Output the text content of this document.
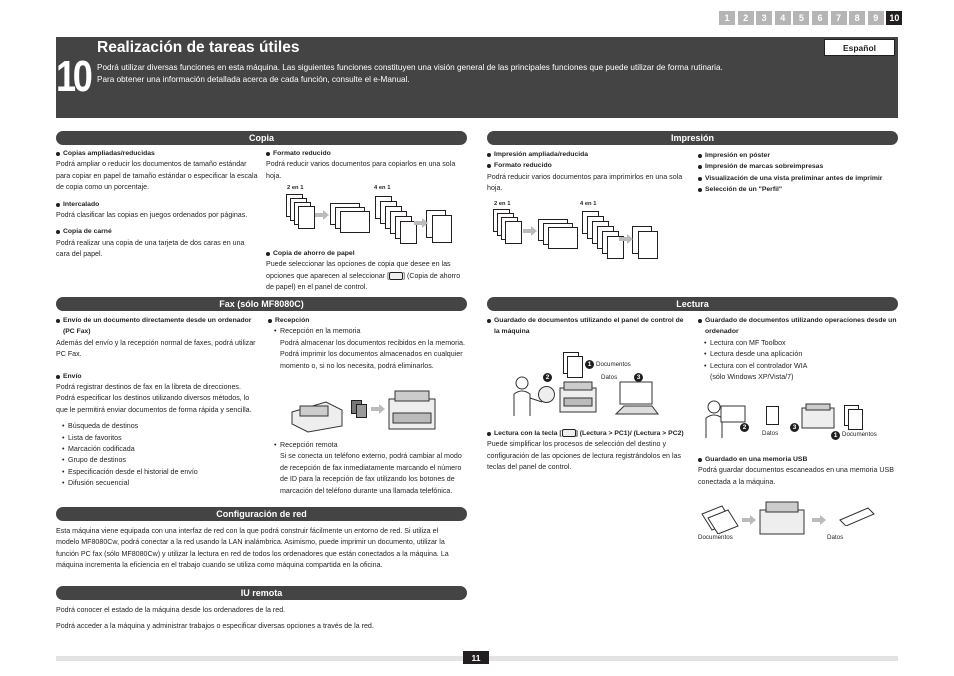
1	2	3	4	5	6	7	8	9	10
10
Realización de tareas útiles
Podrá utilizar diversas funciones en esta máquina. Las siguientes funciones constituyen una visión general de las principales funciones que puede utilizar de forma rutinaria.
Para obtener una información detallada acerca de cada función, consulte el e-Manual.
Español
Copia
Copias ampliadas/reducidas
Podrá ampliar o reducir los documentos de tamaño estándar para copiar en papel de tamaño estándar o especificar la escala de copia como un porcentaje.
Intercalado
Podrá clasificar las copias en juegos ordenados por páginas.
Copia de carné
Podrá realizar una copia de una tarjeta de dos caras en una cara del papel.
Formato reducido
Podrá reducir varios documentos para copiarlos en una sola hoja.
2 en 1	4 en 1
Copia de ahorro de papel
Puede seleccionar las opciones de copia que desee en las opciones que aparecen al seleccionar [ ] (Copia de ahorro de papel) en el panel de control.
Impresión
Impresión ampliada/reducida
Formato reducido
Podrá reducir varios documentos para imprimirlos en una sola hoja.
2 en 1	4 en 1
Impresión en póster
Impresión de marcas sobreimpresas
Visualización de una vista preliminar antes de imprimir
Selección de un "Perfil"
Fax (sólo MF8080C)
Envío de un documento directamente desde un ordenador (PC Fax)
Además del envío y la recepción normal de faxes, podrá utilizar PC Fax.
Envío
Podrá registrar destinos de fax en la libreta de direcciones. Podrá especificar los destinos utilizando diversos métodos, lo que le permitirá enviar documentos de forma rápida y sencilla.
• Búsqueda de destinos
• Lista de favoritos
• Marcación codificada
• Grupo de destinos
• Especificación desde el historial de envío
• Difusión secuencial
Recepción
• Recepción en la memoria
Podrá almacenar los documentos recibidos en la memoria.
Podrá imprimir los documentos almacenados en cualquier momento o, si no los necesita, podrá eliminarlos.
• Recepción remota
Si se conecta un teléfono externo, podrá cambiar al modo de recepción de fax inmediatamente marcando el número de ID para la recepción de fax utilizando los botones de marcación del teléfono durante una llamada telefónica.
Lectura
Guardado de documentos utilizando el panel de control de la máquina
1 Documentos
Datos
2	3
Lectura con la tecla [ ] (Lectura > PC1)/ (Lectura > PC2)
Puede simplificar los procesos de selección del destino y configuración de las opciones de lectura registrándolos en las teclas del panel de control.
Guardado de documentos utilizando operaciones desde un ordenador
• Lectura con MF Toolbox
• Lectura desde una aplicación
• Lectura con el controlador WIA
(sólo Windows XP/Vista/7)
2
Datos
3
1 Documentos
Guardado en una memoria USB
Podrá guardar documentos escaneados en una memoria USB conectada a la máquina.
Documentos	Datos
Configuración de red
Esta máquina viene equipada con una interfaz de red con la que podrá construir fácilmente un entorno de red. Si utiliza el modelo MF8080Cw, podrá conectar a la red usando la LAN inalámbrica. Asimismo, puede imprimir un documento, utilizar la función PC fax (sólo MF8080Cw) y utilizar la lectura en red de todos los ordenadores que están conectados a la máquina. La máquina incrementa la eficiencia en el trabajo cuando se utiliza como máquina compartida en la oficina.
IU remota
Podrá conocer el estado de la máquina desde los ordenadores de la red.
Podrá acceder a la máquina y administrar trabajos o especificar diversas opciones a través de la red.
11
